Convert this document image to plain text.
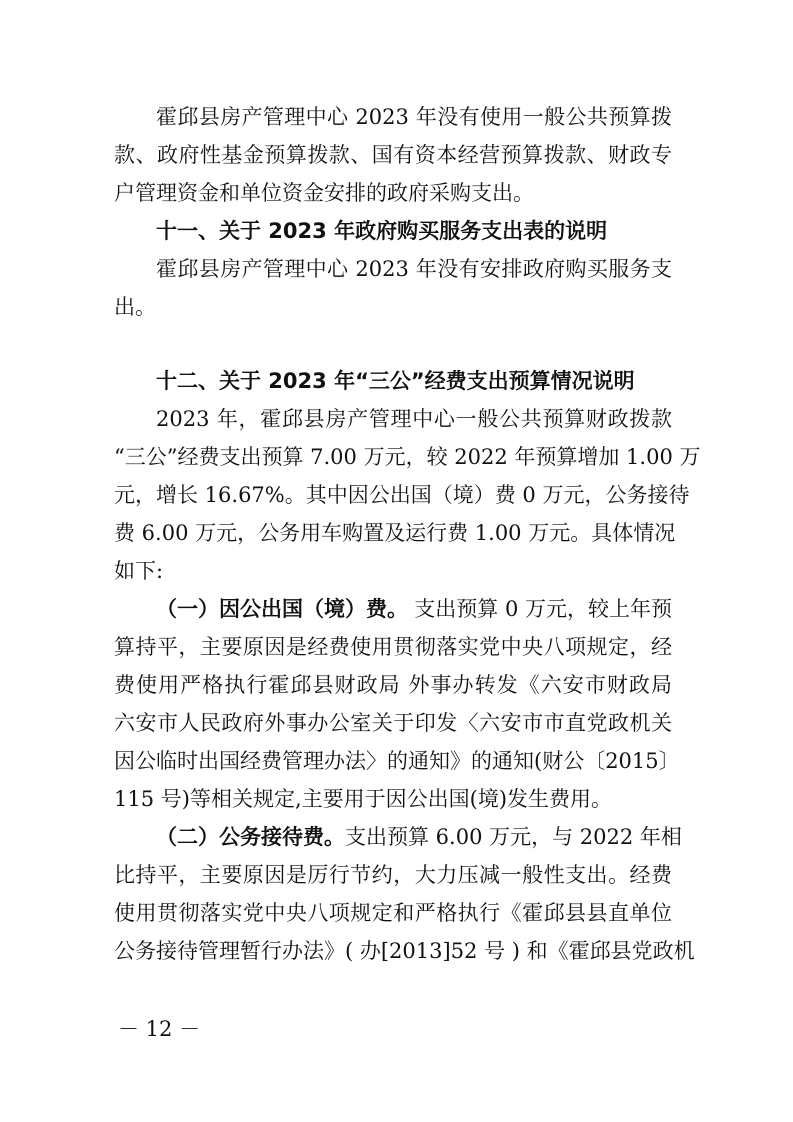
霍邱县房产管理中心 2023 年没有使用一般公共预算拨
款、政府性基金预算拨款、国有资本经营预算拨款、财政专
户管理资金和单位资金安排的政府采购支出。
十一、关于 2023 年政府购买服务支出表的说明
霍邱县房产管理中心 2023 年没有安排政府购买服务支
出。
十二、关于 2023 年“三公”经费支出预算情况说明
2023 年，霍邱县房产管理中心一般公共预算财政拨款
“三公”经费支出预算 7.00 万元，较 2022 年预算增加 1.00 万
元，增长 16.67%。其中因公出国（境）费 0 万元，公务接待
费 6.00 万元，公务用车购置及运行费 1.00 万元。具体情况
如下:
（一）因公出国（境）费。 支出预算 0 万元，较上年预
算持平，主要原因是经费使用贯彻落实党中央八项规定，经
费使用严格执行霍邱县财政局 外事办转发《六安市财政局
六安市人民政府外事办公室关于印发〈六安市市直党政机关
因公临时出国经费管理办法〉的通知》的通知(财公〔2015〕
115 号)等相关规定,主要用于因公出国(境)发生费用。
（二）公务接待费。 支出预算 6.00 万元，与 2022 年相
比持平，主要原因是厉行节约，大力压减一般性支出。经费
使用贯彻落实党中央八项规定和严格执行《霍邱县县直单位
公务接待管理暂行办法》( 办[2013]52 号 ) 和《霍邱县党政机
－ 12 －
